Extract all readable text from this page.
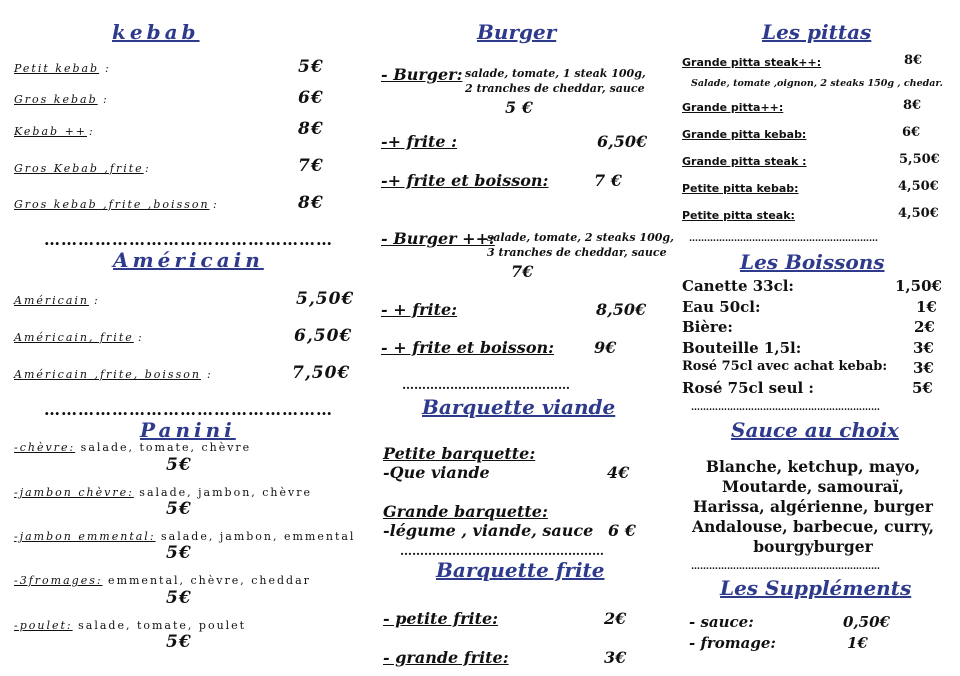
kebab
Petit kebab :	5€
Gros kebab :	6€
Kebab ++ :	8€
Gros Kebab ,frite :	7€
Gros kebab ,frite ,boisson :	8€
……………………………………………
Américain
Américain :	5,50€
Américain, frite :	6,50€
Américain ,frite, boisson :	7,50€
……………………………………………
Panini
-chèvre: salade, tomate, chèvre
5€
-jambon chèvre: salade, jambon, chèvre
5€
-jambon emmental: salade, jambon, emmental
5€
-3fromages: emmental, chèvre, cheddar
5€
-poulet: salade, tomate, poulet
5€
Burger
- Burger: salade, tomate, 1 steak 100g,
2 tranches de cheddar, sauce
5 €
-+ frite :	6,50€
-+ frite et boisson:	7 €
- Burger ++:
salade, tomate, 2 steaks 100g,
3 tranches de cheddar, sauce
7€
- + frite:	8,50€
- + frite et boisson: 9€
……………………………………
Barquette viande
Petite barquette:
-Que viande	4€
Grande barquette:
-légume , viande, sauce 6 €
……………………………………………
Barquette frite
- petite frite:	2€
- grande frite:	3€
Les pittas
Grande pitta steak++:	8€
Salade, tomate ,oignon, 2 steaks 150g , chedar.
Grande pitta++:	8€
Grande pitta kebab:	6€
Grande pitta steak :	5,50€
Petite pitta kebab:	4,50€
Petite pitta steak:	4,50€
………………………………………………………
Les Boissons
Canette 33cl:	1,50€
Eau 50cl:	1€
Bière:	2€
Bouteille 1,5l:	3€
Rosé 75cl avec achat kebab: 3€
Rosé 75cl seul :	5€
………………………………………………………
Sauce au choix
Blanche, ketchup, mayo,
Moutarde, samouraï,
Harissa, algérienne, burger
Andalouse, barbecue, curry,
bourgyburger
………………………………………………………
Les Suppléments
- sauce:	0,50€
- fromage:	1€
